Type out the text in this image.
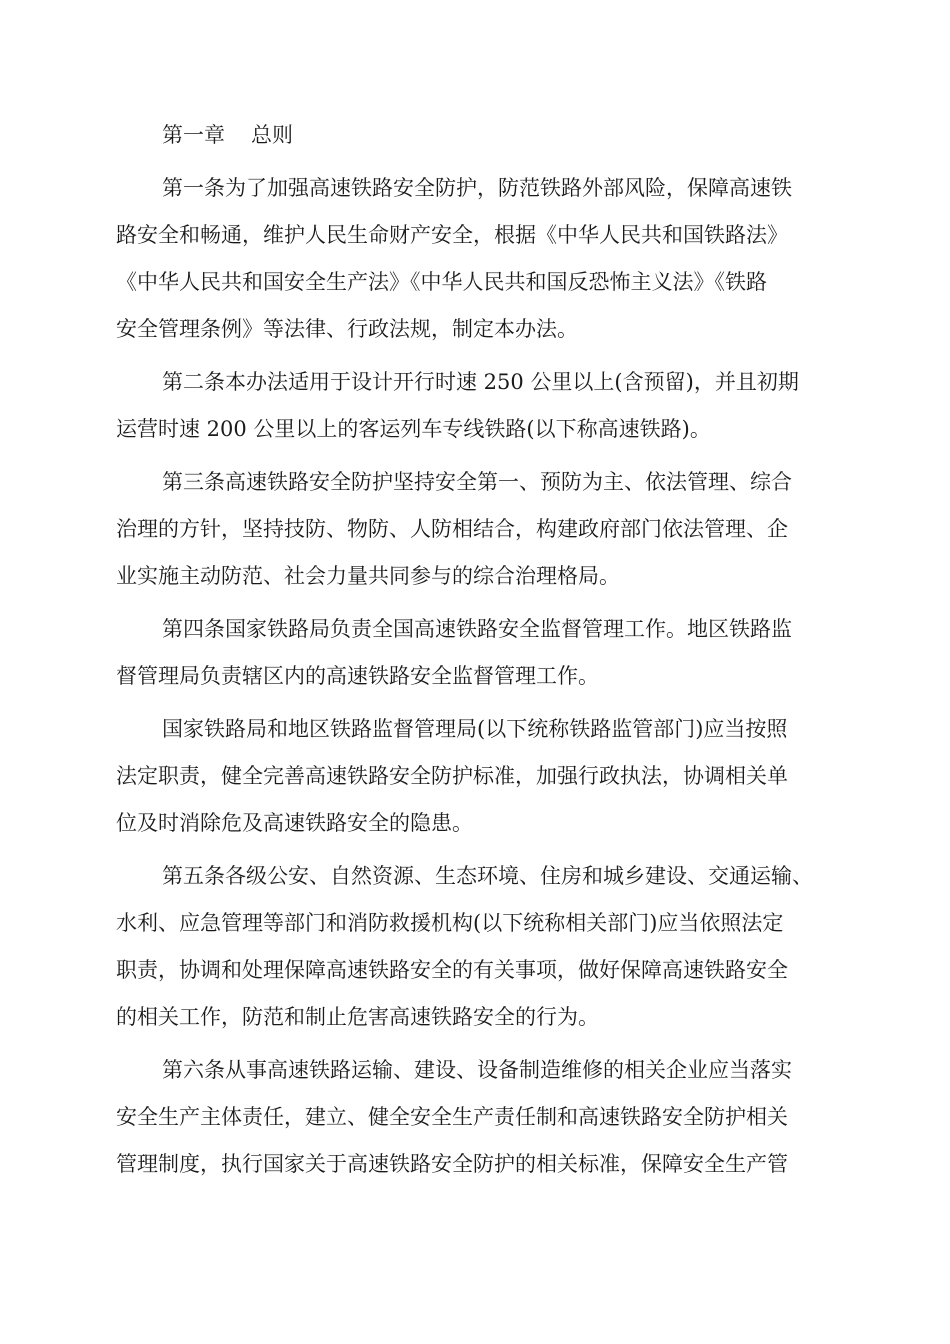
第一章 总则
第一条为了加强高速铁路安全防护，防范铁路外部风险，保障高速铁
路安全和畅通，维护人民生命财产安全，根据《中华人民共和国铁路法》
《中华人民共和国安全生产法》《中华人民共和国反恐怖主义法》《铁路
安全管理条例》等法律、行政法规，制定本办法。
第二条本办法适用于设计开行时速 250 公里以上(含预留)，并且初期
运营时速 200 公里以上的客运列车专线铁路(以下称高速铁路)。
第三条高速铁路安全防护坚持安全第一、预防为主、依法管理、综合
治理的方针，坚持技防、物防、人防相结合，构建政府部门依法管理、企
业实施主动防范、社会力量共同参与的综合治理格局。
第四条国家铁路局负责全国高速铁路安全监督管理工作。地区铁路监
督管理局负责辖区内的高速铁路安全监督管理工作。
国家铁路局和地区铁路监督管理局(以下统称铁路监管部门)应当按照
法定职责，健全完善高速铁路安全防护标准，加强行政执法，协调相关单
位及时消除危及高速铁路安全的隐患。
第五条各级公安、自然资源、生态环境、住房和城乡建设、交通运输、
水利、应急管理等部门和消防救援机构(以下统称相关部门)应当依照法定
职责，协调和处理保障高速铁路安全的有关事项，做好保障高速铁路安全
的相关工作，防范和制止危害高速铁路安全的行为。
第六条从事高速铁路运输、建设、设备制造维修的相关企业应当落实
安全生产主体责任，建立、健全安全生产责任制和高速铁路安全防护相关
管理制度，执行国家关于高速铁路安全防护的相关标准，保障安全生产管
